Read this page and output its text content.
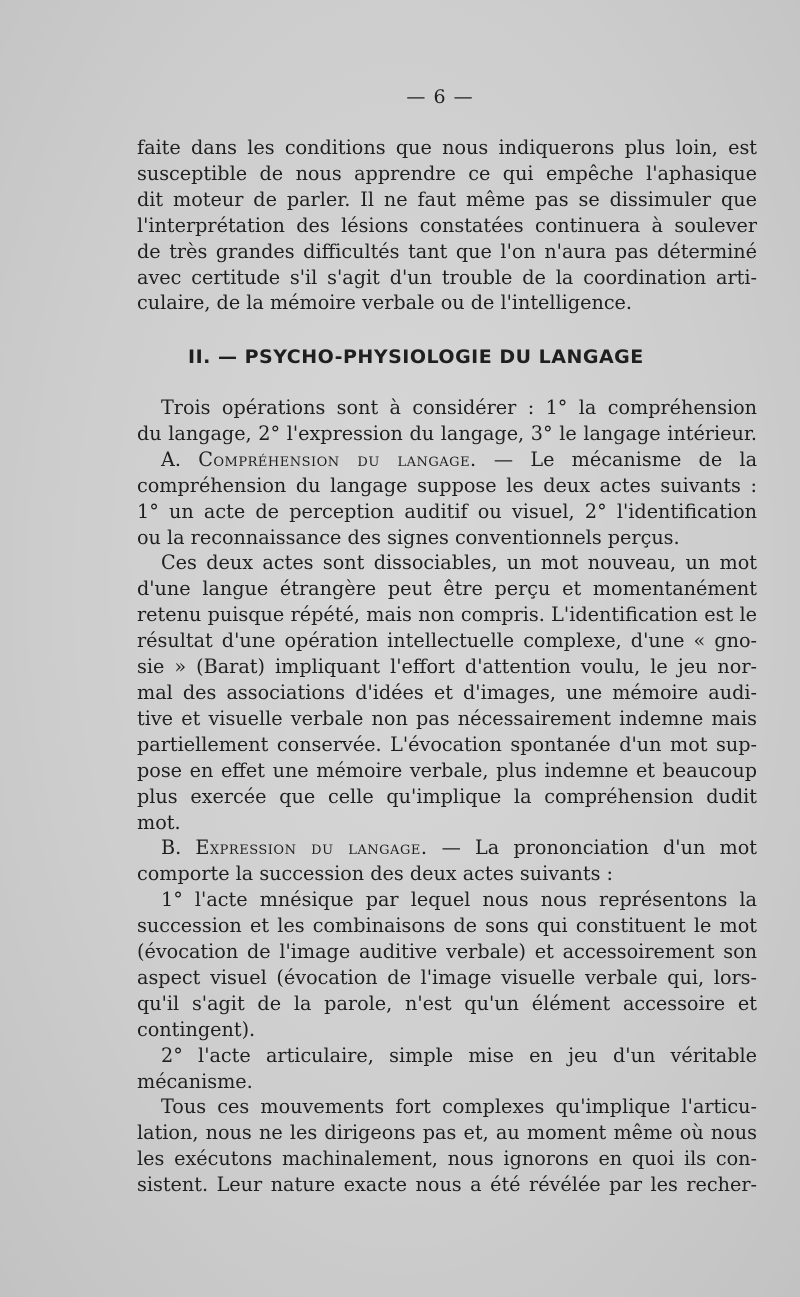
— 6 —
faite dans les conditions que nous indiquerons plus loin, est
susceptible de nous apprendre ce qui empêche l'aphasique
dit moteur de parler. Il ne faut même pas se dissimuler que
l'interprétation des lésions constatées continuera à soulever
de très grandes difficultés tant que l'on n'aura pas déterminé
avec certitude s'il s'agit d'un trouble de la coordination arti-
culaire, de la mémoire verbale ou de l'intelligence.
II. — PSYCHO-PHYSIOLOGIE DU LANGAGE
Trois opérations sont à considérer : 1° la compréhension
du langage, 2° l'expression du langage, 3° le langage intérieur.
A. Compréhension du langage. — Le mécanisme de la
compréhension du langage suppose les deux actes suivants :
1° un acte de perception auditif ou visuel, 2° l'identification
ou la reconnaissance des signes conventionnels perçus.
Ces deux actes sont dissociables, un mot nouveau, un mot
d'une langue étrangère peut être perçu et momentanément
retenu puisque répété, mais non compris. L'identification est le
résultat d'une opération intellectuelle complexe, d'une « gno-
sie » (Barat) impliquant l'effort d'attention voulu, le jeu nor-
mal des associations d'idées et d'images, une mémoire audi-
tive et visuelle verbale non pas nécessairement indemne mais
partiellement conservée. L'évocation spontanée d'un mot sup-
pose en effet une mémoire verbale, plus indemne et beaucoup
plus exercée que celle qu'implique la compréhension dudit
mot.
B. Expression du langage. — La prononciation d'un mot
comporte la succession des deux actes suivants :
1° l'acte mnésique par lequel nous nous représentons la
succession et les combinaisons de sons qui constituent le mot
(évocation de l'image auditive verbale) et accessoirement son
aspect visuel (évocation de l'image visuelle verbale qui, lors-
qu'il s'agit de la parole, n'est qu'un élément accessoire et
contingent).
2° l'acte articulaire, simple mise en jeu d'un véritable
mécanisme.
Tous ces mouvements fort complexes qu'implique l'articu-
lation, nous ne les dirigeons pas et, au moment même où nous
les exécutons machinalement, nous ignorons en quoi ils con-
sistent. Leur nature exacte nous a été révélée par les recher-
